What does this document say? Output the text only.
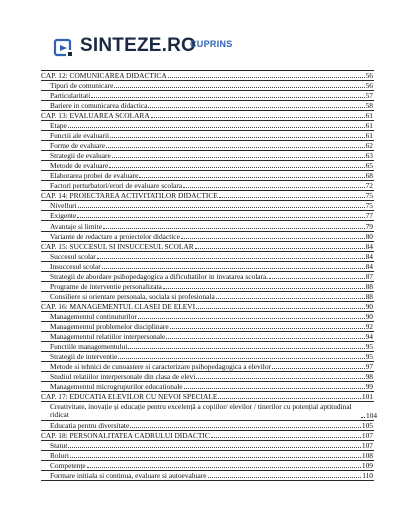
SINTEZE.RO
CUPRINS
CAP. 12: COMUNICAREA DIDACTICA	56
Tipuri de comunicare	56
Particularitati	57
Bariere in comunicarea didactica	58
CAP. 13: EVALUAREA SCOLARA	61
Etape	61
Functii ale evaluarii	61
Forme de evaluare	62
Strategii de evaluare	63
Metode de evaluare	65
Elaborarea probei de evaluare	68
Factori perturbatori/erori de evaluare scolara	72
CAP. 14: PROIECTAREA ACTIVITATILOR DIDACTICE	75
Nivelluri	75
Exigente	77
Avantaje si limite	79
Variante de redactare a proiectelor didactice	80
CAP. 15: SUCCESUL SI INSUCCESUL SCOLAR	84
Succesul scolar	84
Insuccesul scolar	84
Strategii de abordare psihopedagogica a dificultatilor in invatarea scolara.	87
Programe de interventie personalizata	88
Consiliere si orientare personala, sociala si profesionala	88
CAP. 16: MANAGEMENTUL CLASEI DE ELEVI	90
Managementul continuturilor	90
Managementul problemelor disciplinare	92
Managementul relatiilor interpersonale	94
Functiile managementului	95
Strategii de interventie	95
Metode si tehnici de cunoastere si caracterizare psihopedagogica a elevilor	97
Studiul relatiilor interpersonale din clasa de elevi	98
Managementul microgrupurilor educationale	99
CAP. 17: EDUCATIA ELEVILOR CU NEVOI SPECIALE	101
Creativitate, inovație și educație pentru excelență a copiilor/ elevilor / tinerilor cu potențial aptitudinal ridicat	104
Educatia pentru diversitate	105
CAP. 18: PERSONALITATEA CADRULUI DIDACTIC	107
Statut	107
Roluri	108
Competențe	109
Formare initiala si continua, evaluare si autoevaluare	110
